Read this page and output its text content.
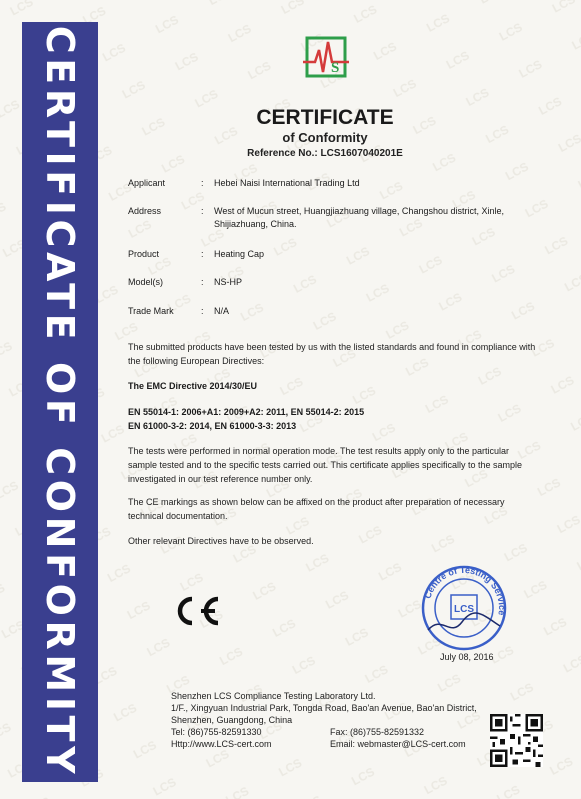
CERTIFICATE OF CONFORMITY	S
CERTIFICATE
of Conformity
Reference No.: LCS1607040201E
Applicant	: Hebei Naisi International Trading Ltd
Address	: West of Mucun street, Huangjiazhuang village, Changshou district, Xinle, Shijiazhuang, China.
Product	: Heating Cap
Model(s)	: NS-HP
Trade Mark	: N/A
The submitted products have been tested by us with the listed standards and found in compliance with the following European Directives:
The EMC Directive 2014/30/EU
EN 55014-1: 2006+A1: 2009+A2: 2011, EN 55014-2: 2015
EN 61000-3-2: 2014, EN 61000-3-3: 2013
The tests were performed in normal operation mode. The test results apply only to the particular sample tested and to the specific tests carried out. This certificate applies specifically to the sample investigated in our test reference number only.
The CE markings as shown below can be affixed on the product after preparation of necessary technical documentation.
Other relevant Directives have to be observed.
Centre of Testing Service
LCS
July 08, 2016
Shenzhen LCS Compliance Testing Laboratory Ltd.
1/F., Xingyuan Industrial Park, Tongda Road, Bao'an Avenue, Bao'an District,
Shenzhen, Guangdong, China
Tel: (86)755-82591330	Fax: (86)755-82591332
Http://www.LCS-cert.com	Email: webmaster@LCS-cert.com
